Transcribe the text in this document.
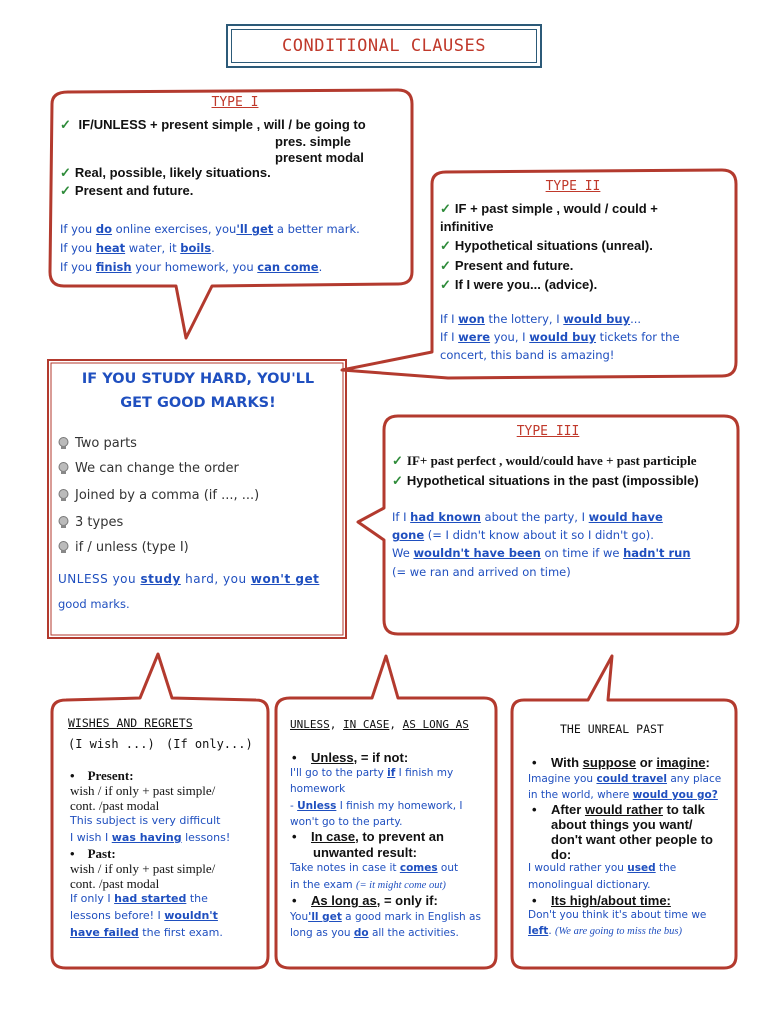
CONDITIONAL CLAUSES
TYPE I
✓ IF/UNLESS + present simple , will / be going to
pres. simple
present modal
✓ Real, possible, likely situations.
✓ Present and future.
If you do online exercises, you'll get a better mark.
If you heat water, it boils.
If you finish your homework, you can come.
TYPE II
✓ IF + past simple , would / could +
infinitive
✓ Hypothetical situations (unreal).
✓ Present and future.
✓ If I were you... (advice).
If I won the lottery, I would buy...
If I were you, I would buy tickets for the
concert, this band is amazing!
IF YOU STUDY HARD, YOU'LL
GET GOOD MARKS!
Two parts
We can change the order
Joined by a comma (if ..., ...)
3 types
if / unless (type I)
UNLESS you study hard, you won't get
good marks.
TYPE III
✓ IF+ past perfect , would/could have + past participle
✓ Hypothetical situations in the past (impossible)
If I had known about the party, I would have
gone (= I didn't know about it so I didn't go).
We wouldn't have been on time if we hadn't run
(= we ran and arrived on time)
WISHES AND REGRETS
(I wish ...) (If only...)
•    Present:
wish / if only + past simple/
cont. /past modal
This subject is very difficult
I wish I was having lessons!
•    Past:
wish / if only + past simple/
cont. /past modal
If only I had started the
lessons before! I wouldn't
have failed the first exam.
UNLESS, IN CASE, AS LONG AS
•    Unless, = if not:
I'll go to the party if I finish my
homework
- Unless I finish my homework, I
won't go to the party.
•    In case, to prevent an
unwanted result:
Take notes in case it comes out
in the exam (= it might come out)
•    As long as, = only if:
You'll get a good mark in English as
long as you do all the activities.
THE UNREAL PAST
•    With suppose or imagine:
Imagine you could travel any place
in the world, where would you go?
•    After would rather to talk
about things you want/
don't want other people to
do:
I would rather you used the
monolingual dictionary.
•    Its high/about time:
Don't you think it's about time we
left. (We are going to miss the bus)
